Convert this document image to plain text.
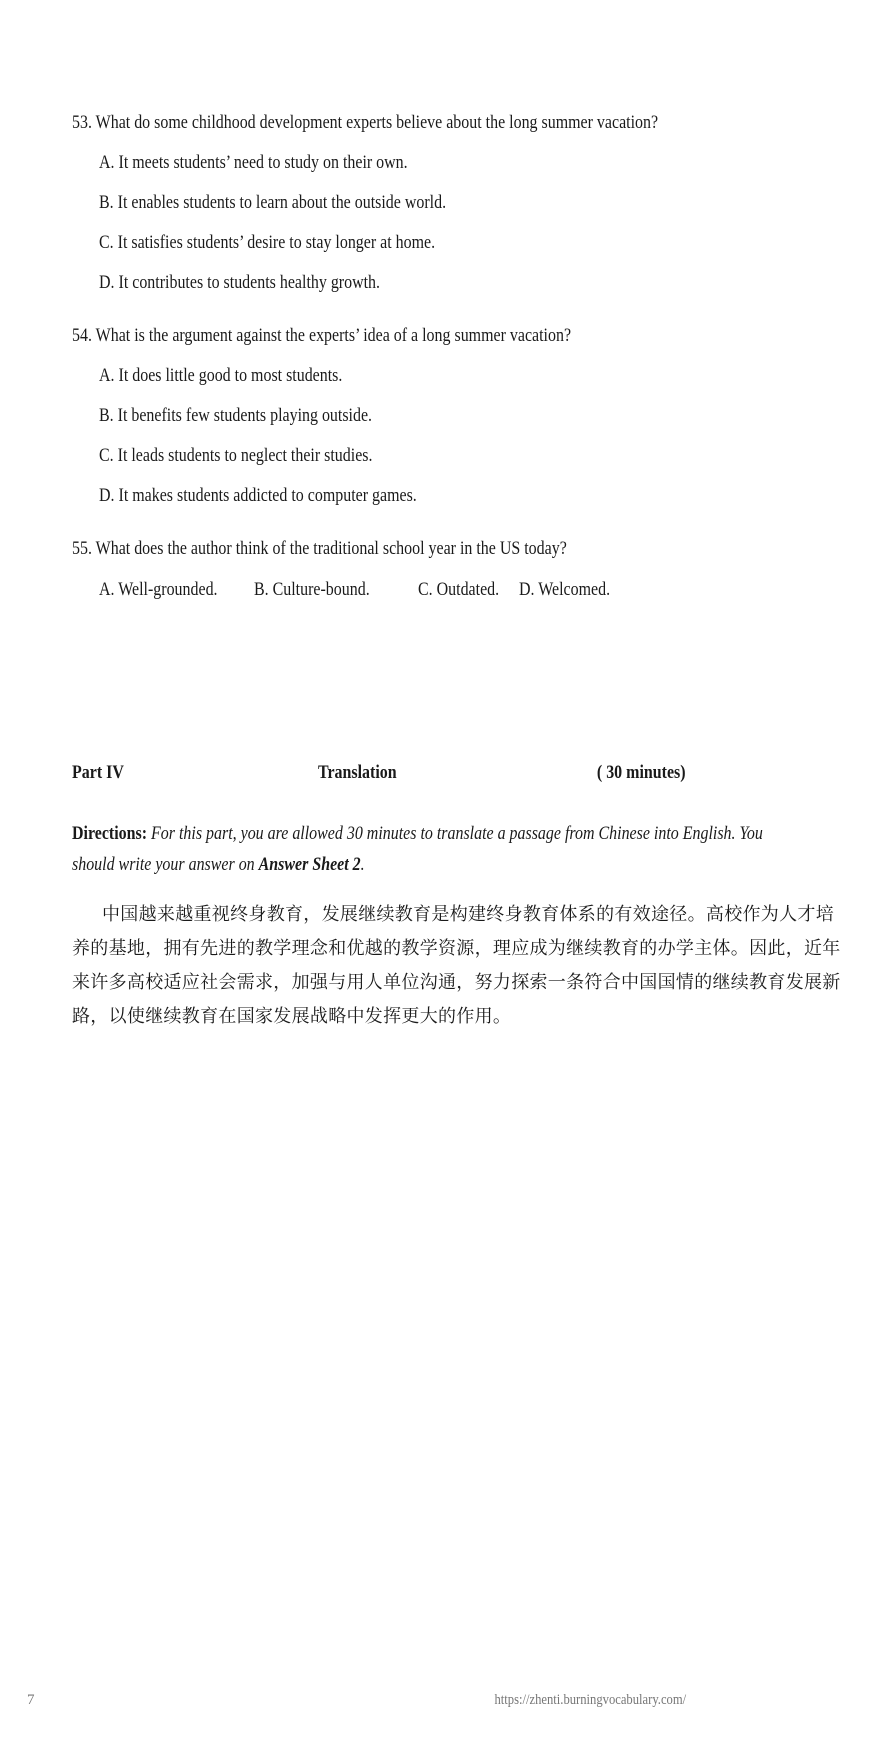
53. What do some childhood development experts believe about the long summer vacation?
A. It meets students’ need to study on their own.
B. It enables students to learn about the outside world.
C. It satisfies students’ desire to stay longer at home.
D. It contributes to students healthy growth.
54. What is the argument against the experts’ idea of a long summer vacation?
A. It does little good to most students.
B. It benefits few students playing outside.
C. It leads students to neglect their studies.
D. It makes students addicted to computer games.
55. What does the author think of the traditional school year in the US today?
A. Well-grounded.	B. Culture-bound.	C. Outdated.	D. Welcomed.
Part IV	Translation	( 30 minutes)
Directions: For this part, you are allowed 30 minutes to translate a passage from Chinese into English. You
should write your answer on Answer Sheet 2.
中国越来越重视终身教育，发展继续教育是构建终身教育体系的有效途径。高校作为人才培
养的基地，拥有先进的教学理念和优越的教学资源，理应成为继续教育的办学主体。因此，近年
来许多高校适应社会需求，加强与用人单位沟通，努力探索一条符合中国国情的继续教育发展新
路，以使继续教育在国家发展战略中发挥更大的作用。
7	https://zhenti.burningvocabulary.com/
